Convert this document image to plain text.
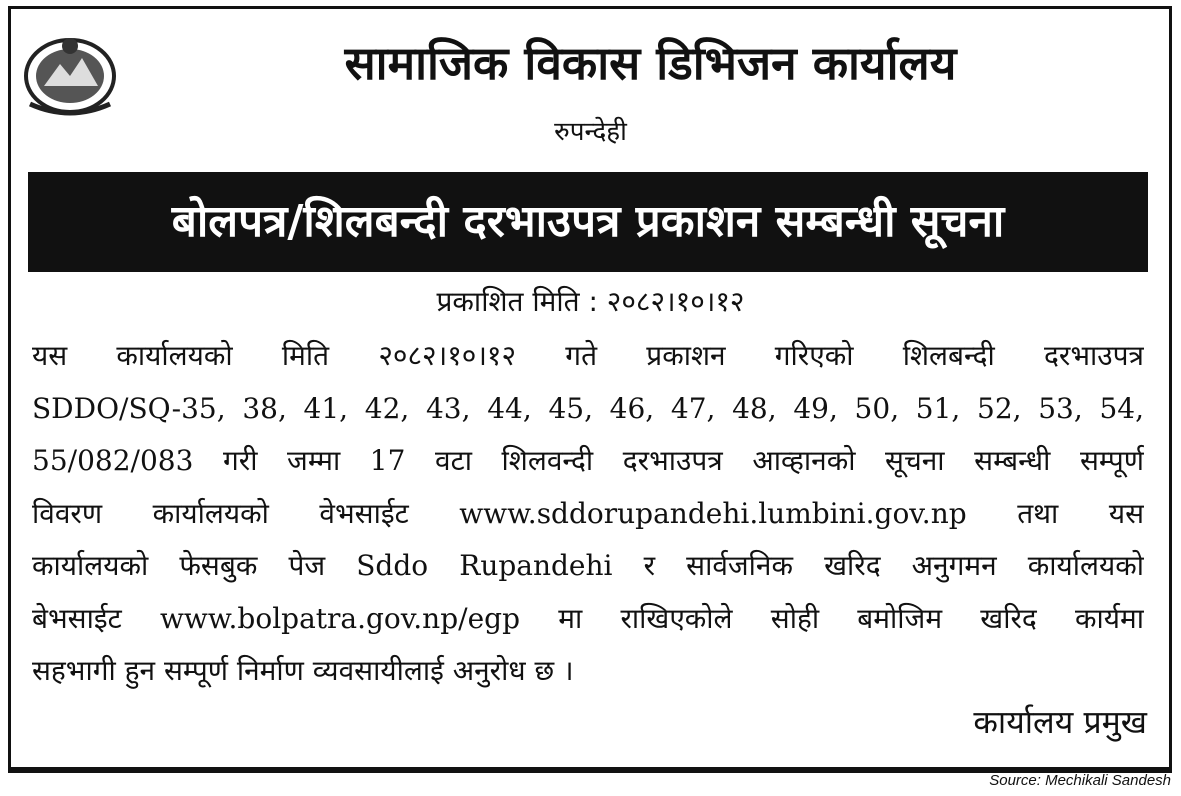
सामाजिक विकास डिभिजन कार्यालय
रुपन्देही
बोलपत्र/शिलबन्दी दरभाउपत्र प्रकाशन सम्बन्धी सूचना
प्रकाशित मिति : २०८२।१०।१२
यस कार्यालयको मिति २०८२।१०।१२ गते प्रकाशन गरिएको शिलबन्दी दरभाउपत्र
SDDO/SQ-35, 38, 41, 42, 43, 44, 45, 46, 47, 48, 49, 50, 51, 52, 53, 54,
55/082/083 गरी जम्मा 17 वटा शिलवन्दी दरभाउपत्र आव्हानको सूचना सम्बन्धी सम्पूर्ण
विवरण कार्यालयको वेभसाईट www.sddorupandehi.lumbini.gov.np तथा यस
कार्यालयको फेसबुक पेज Sddo Rupandehi र सार्वजनिक खरिद अनुगमन कार्यालयको
बेभसाईट www.bolpatra.gov.np/egp मा राखिएकोले सोही बमोजिम खरिद कार्यमा
सहभागी हुन सम्पूर्ण निर्माण व्यवसायीलाई अनुरोध छ ।
कार्यालय प्रमुख
Source: Mechikali Sandesh
